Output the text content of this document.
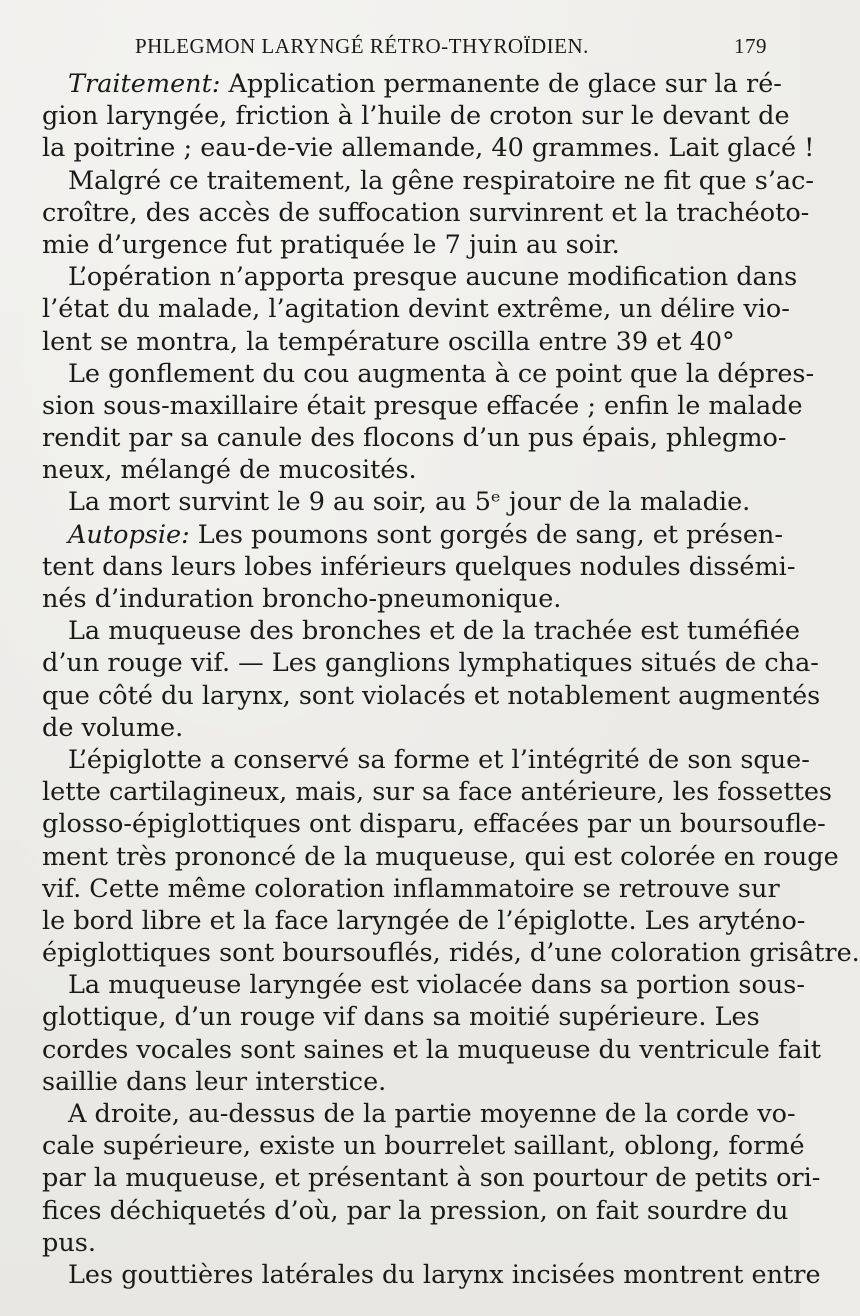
PHLEGMON LARYNGÉ RÉTRO-THYROÏDIEN.	179
Traitement: Application permanente de glace sur la ré-
gion laryngée, friction à l’huile de croton sur le devant de
la poitrine ; eau-de-vie allemande, 40 grammes. Lait glacé !
Malgré ce traitement, la gêne respiratoire ne fit que s’ac-
croître, des accès de suffocation survinrent et la trachéoto-
mie d’urgence fut pratiquée le 7 juin au soir.
L’opération n’apporta presque aucune modification dans
l’état du malade, l’agitation devint extrême, un délire vio-
lent se montra, la température oscilla entre 39 et 40°
Le gonflement du cou augmenta à ce point que la dépres-
sion sous-maxillaire était presque effacée ; enfin le malade
rendit par sa canule des flocons d’un pus épais, phlegmo-
neux, mélangé de mucosités.
La mort survint le 9 au soir, au 5ᵉ jour de la maladie.
Autopsie: Les poumons sont gorgés de sang, et présen-
tent dans leurs lobes inférieurs quelques nodules dissémi-
nés d’induration broncho-pneumonique.
La muqueuse des bronches et de la trachée est tuméfiée
d’un rouge vif. — Les ganglions lymphatiques situés de cha-
que côté du larynx, sont violacés et notablement augmentés
de volume.
L’épiglotte a conservé sa forme et l’intégrité de son sque-
lette cartilagineux, mais, sur sa face antérieure, les fossettes
glosso-épiglottiques ont disparu, effacées par un boursoufle-
ment très prononcé de la muqueuse, qui est colorée en rouge
vif. Cette même coloration inflammatoire se retrouve sur
le bord libre et la face laryngée de l’épiglotte. Les aryténo-
épiglottiques sont boursouflés, ridés, d’une coloration grisâtre.
La muqueuse laryngée est violacée dans sa portion sous-
glottique, d’un rouge vif dans sa moitié supérieure. Les
cordes vocales sont saines et la muqueuse du ventricule fait
saillie dans leur interstice.
A droite, au-dessus de la partie moyenne de la corde vo-
cale supérieure, existe un bourrelet saillant, oblong, formé
par la muqueuse, et présentant à son pourtour de petits ori-
fices déchiquetés d’où, par la pression, on fait sourdre du
pus.
Les gouttières latérales du larynx incisées montrent entre
